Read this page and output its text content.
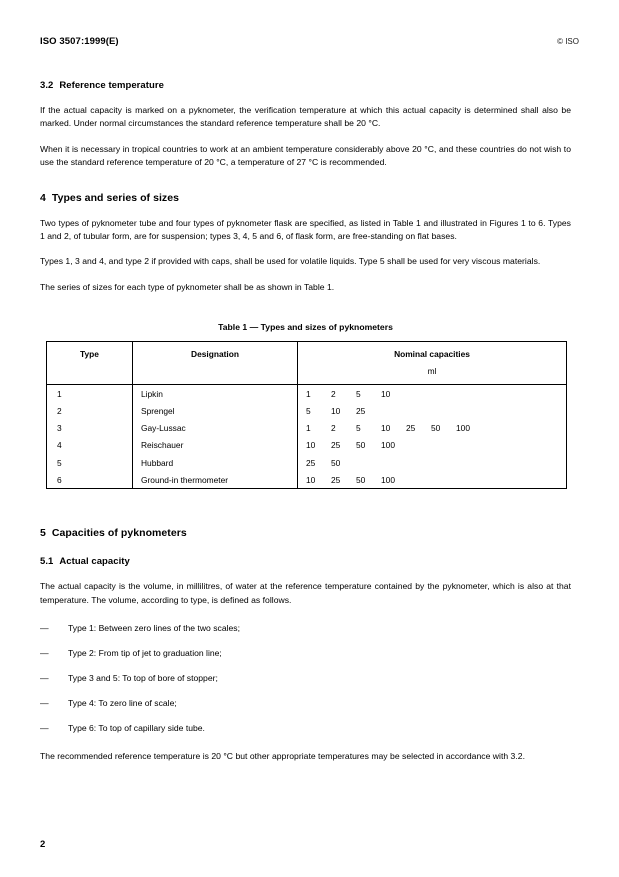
ISO 3507:1999(E)	© ISO
3.2 Reference temperature

If the actual capacity is marked on a pyknometer, the verification temperature at which this actual capacity is determined shall also be marked. Under normal circumstances the standard reference temperature shall be 20 °C.

When it is necessary in tropical countries to work at an ambient temperature considerably above 20 °C, and these countries do not wish to use the standard reference temperature of 20 °C, a temperature of 27 °C is recommended.

4 Types and series of sizes

Two types of pyknometer tube and four types of pyknometer flask are specified, as listed in Table 1 and illustrated in Figures 1 to 6. Types 1 and 2, of tubular form, are for suspension; types 3, 4, 5 and 6, of flask form, are free-standing on flat bases.

Types 1, 3 and 4, and type 2 if provided with caps, shall be used for volatile liquids. Type 5 shall be used for very viscous materials.

The series of sizes for each type of pyknometer shall be as shown in Table 1.

Table 1 — Types and sizes of pyknometers
Type	Designation	Nominal capacities
ml

1	Lipkin	1 2 5 10

2	Sprengel	5 10 25

3	Gay-Lussac	1 2 5 10 25 50 100

4	Reischauer	10 25 50 100

5	Hubbard	25 50

6	Ground-in thermometer	10 25 50 100
5 Capacities of pyknometers
5.1 Actual capacity

The actual capacity is the volume, in millilitres, of water at the reference temperature contained by the pyknometer, which is also at that temperature. The volume, according to type, is defined as follows.

—	Type 1: Between zero lines of the two scales;
—	Type 2: From tip of jet to graduation line;
—	Type 3 and 5: To top of bore of stopper;
—	Type 4: To zero line of scale;
—	Type 6: To top of capillary side tube.

The recommended reference temperature is 20 °C but other appropriate temperatures may be selected in accordance with 3.2.

2
